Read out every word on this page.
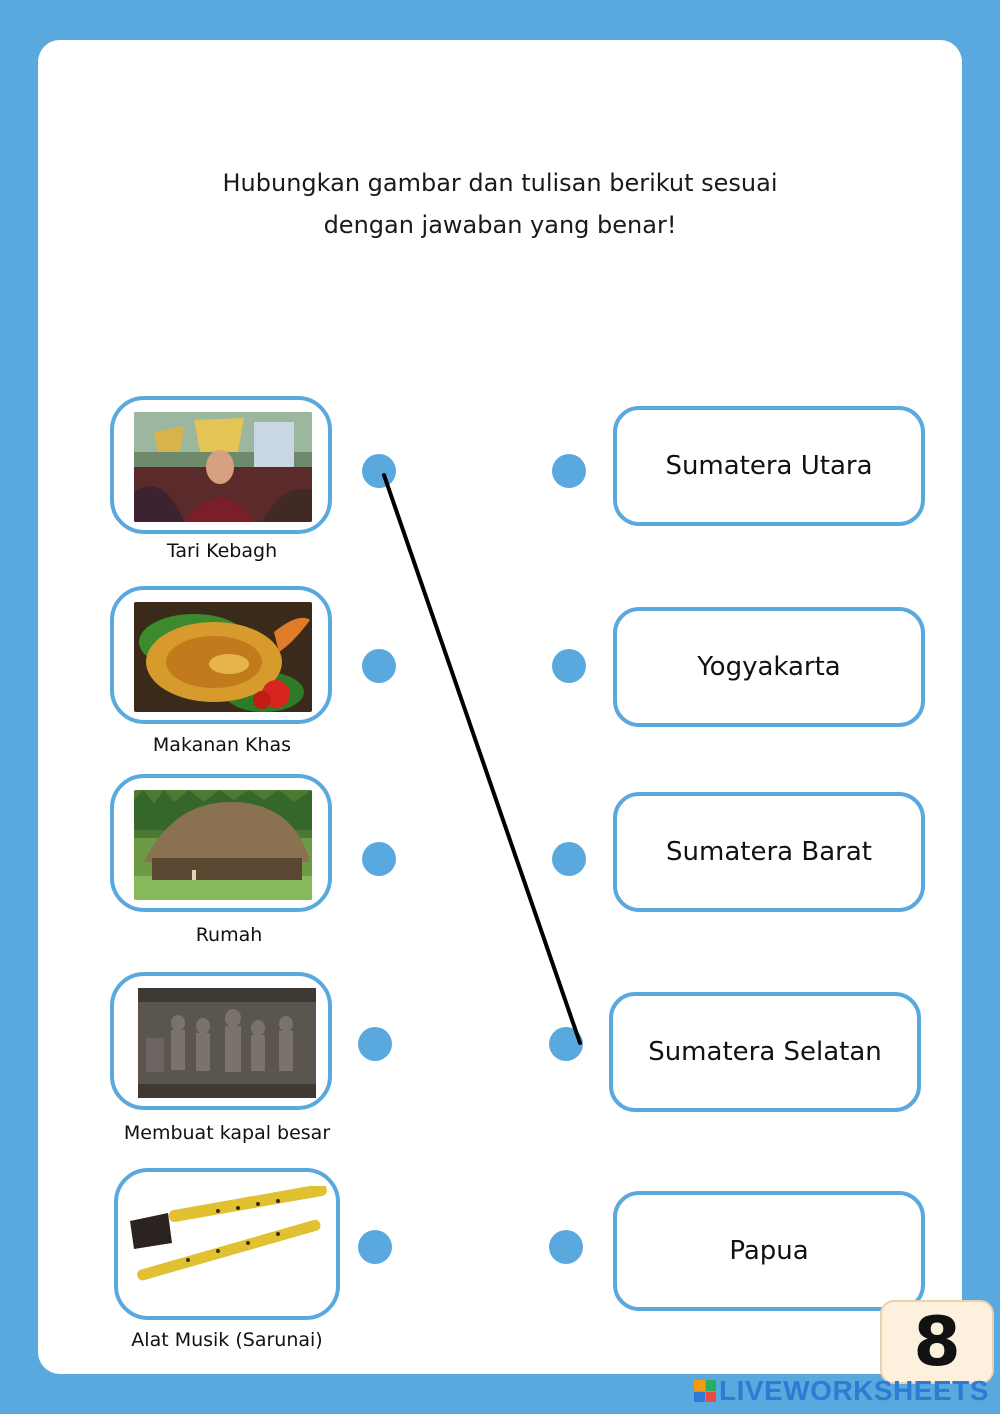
Hubungkan gambar dan tulisan berikut sesuai
dengan jawaban yang benar!
Tari Kebagh
Makanan Khas
Rumah
Membuat kapal besar
Alat Musik (Sarunai)
Sumatera Utara
Yogyakarta
Sumatera Barat
Sumatera Selatan
Papua
8
LIVEWORKSHEETS
